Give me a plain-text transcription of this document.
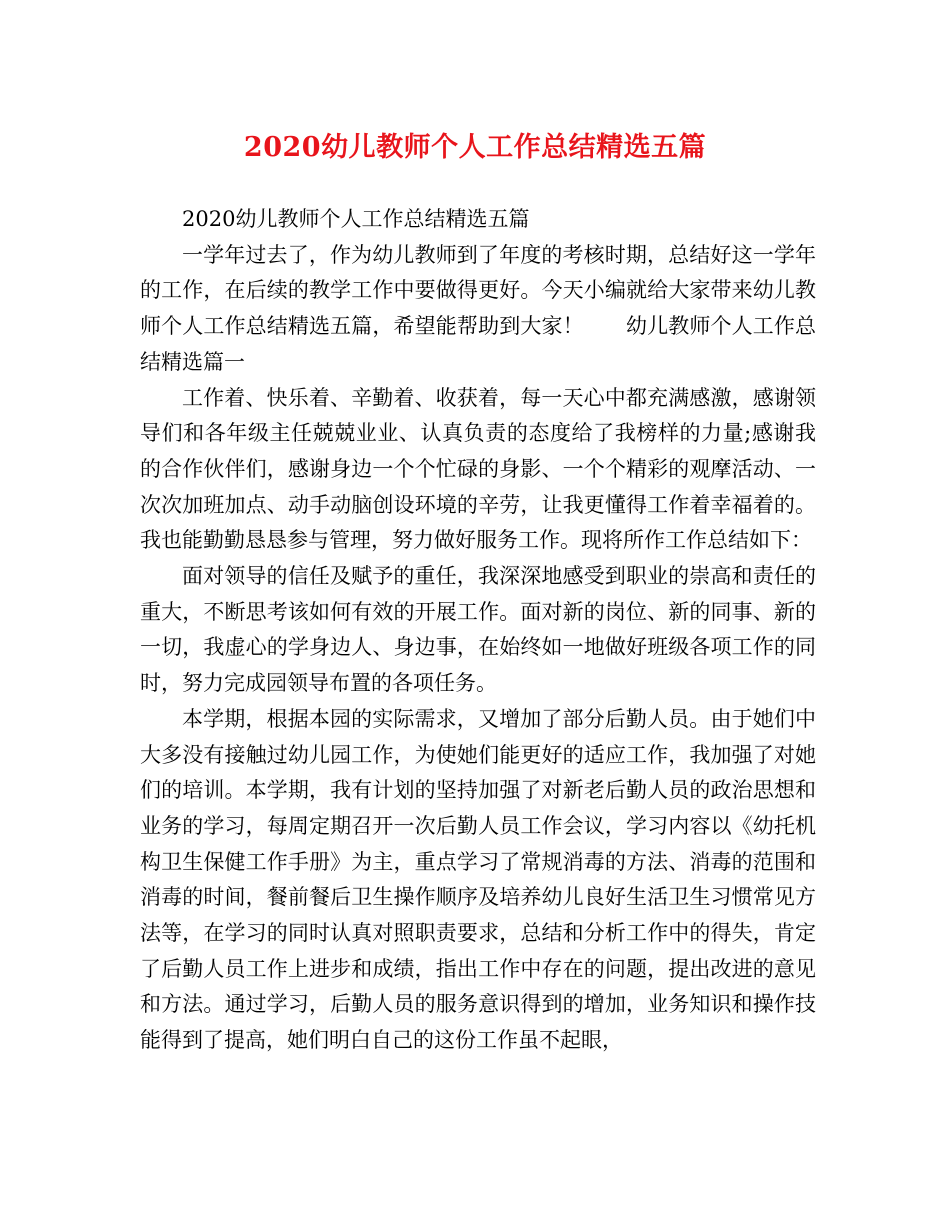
2020幼儿教师个人工作总结精选五篇

2020幼儿教师个人工作总结精选五篇

一学年过去了，作为幼儿教师到了年度的考核时期，总结好这一学年的工作，在后续的教学工作中要做得更好。今天小编就给大家带来幼儿教师个人工作总结精选五篇，希望能帮助到大家！　　幼儿教师个人工作总结精选篇一

工作着、快乐着、辛勤着、收获着，每一天心中都充满感激，感谢领导们和各年级主任兢兢业业、认真负责的态度给了我榜样的力量;感谢我的合作伙伴们，感谢身边一个个忙碌的身影、一个个精彩的观摩活动、一次次加班加点、动手动脑创设环境的辛劳，让我更懂得工作着幸福着的。我也能勤勤恳恳参与管理，努力做好服务工作。现将所作工作总结如下：

面对领导的信任及赋予的重任，我深深地感受到职业的崇高和责任的重大，不断思考该如何有效的开展工作。面对新的岗位、新的同事、新的一切，我虚心的学身边人、身边事，在始终如一地做好班级各项工作的同时，努力完成园领导布置的各项任务。

本学期，根据本园的实际需求，又增加了部分后勤人员。由于她们中大多没有接触过幼儿园工作，为使她们能更好的适应工作，我加强了对她们的培训。本学期，我有计划的坚持加强了对新老后勤人员的政治思想和业务的学习，每周定期召开一次后勤人员工作会议，学习内容以《幼托机构卫生保健工作手册》为主，重点学习了常规消毒的方法、消毒的范围和消毒的时间，餐前餐后卫生操作顺序及培养幼儿良好生活卫生习惯常见方法等，在学习的同时认真对照职责要求，总结和分析工作中的得失，肯定了后勤人员工作上进步和成绩，指出工作中存在的问题，提出改进的意见和方法。通过学习，后勤人员的服务意识得到的增加，业务知识和操作技能得到了提高，她们明白自己的这份工作虽不起眼，
